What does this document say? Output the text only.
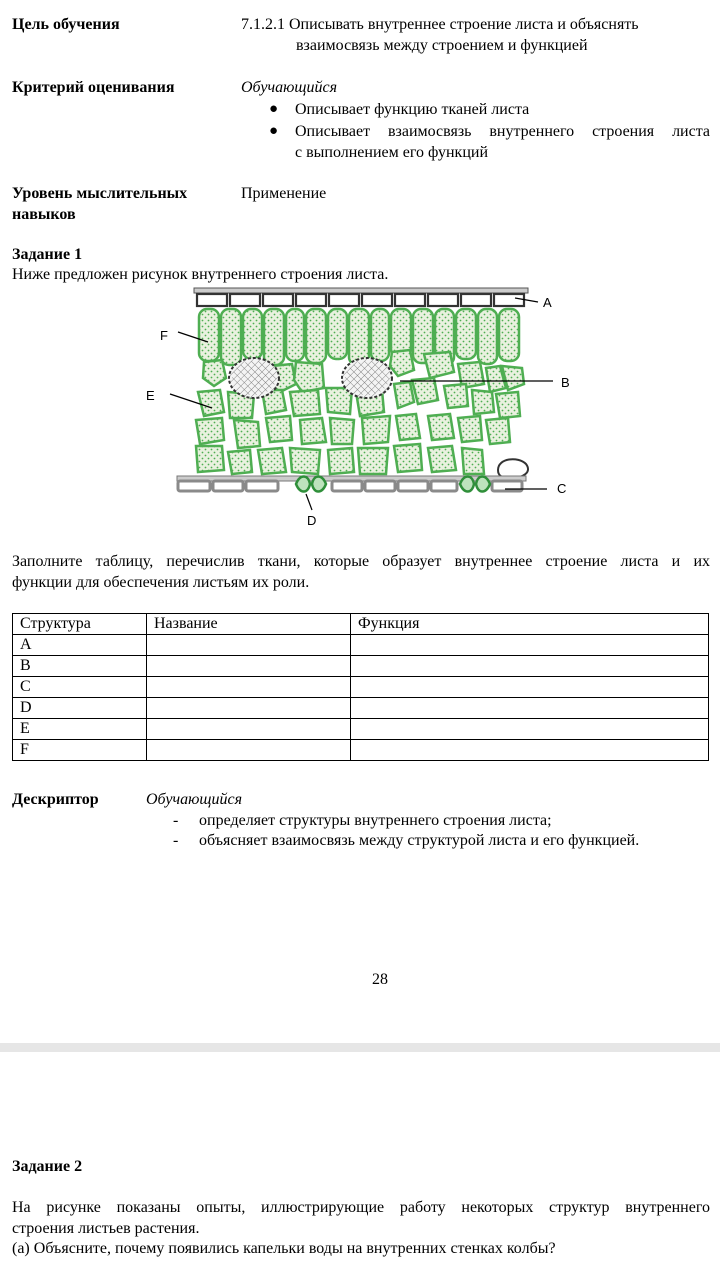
Цель обучения	7.1.2.1 Описывать внутреннее строение листа и объяснять
взаимосвязь между строением и функцией
Критерий оценивания	Обучающийся
● Описывает функцию тканей листа
● Описывает взаимосвязь внутреннего строения листа
с выполнением его функций
Уровень мыслительных
навыков
Применение
Задание 1
Ниже предложен рисунок внутреннего строения листа.
A
F
E
B
C
D
Заполните таблицу, перечислив ткани, которые образует внутреннее строение листа и их
функции для обеспечения листьям их роли.
Структура	Название	Функция
A		
B		
C		
D		
E		
F		
Дескриптор	Обучающийся
- определяет структуры внутреннего строения листа;
- объясняет взаимосвязь между структурой листа и его функцией.
28
Задание 2
На рисунке показаны опыты, иллюстрирующие работу некоторых структур внутреннего
строения листьев растения.
(a) Объясните, почему появились капельки воды на внутренних стенках колбы?
